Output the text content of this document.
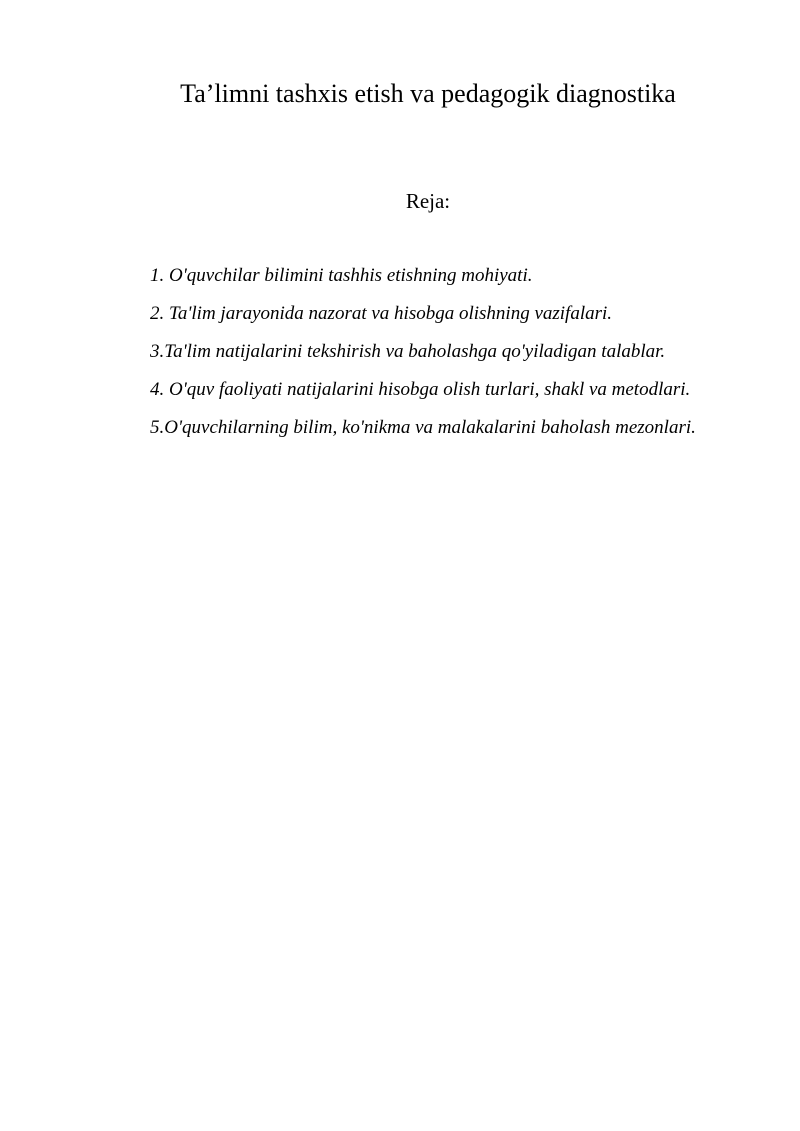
Ta’limni tashxis etish va pedagogik diagnostika
Reja:
1. O'quvchilar bilimini tashhis etishning mohiyati.
2. Ta'lim jarayonida nazorat va hisobga olishning vazifalari.
3.Ta'lim natijalarini tekshirish va baholashga qo'yiladigan talablar.
4. O'quv faoliyati natijalarini hisobga olish turlari, shakl va metodlari.
5.O'quvchilarning bilim, ko'nikma va malakalarini baholash mezonlari.
